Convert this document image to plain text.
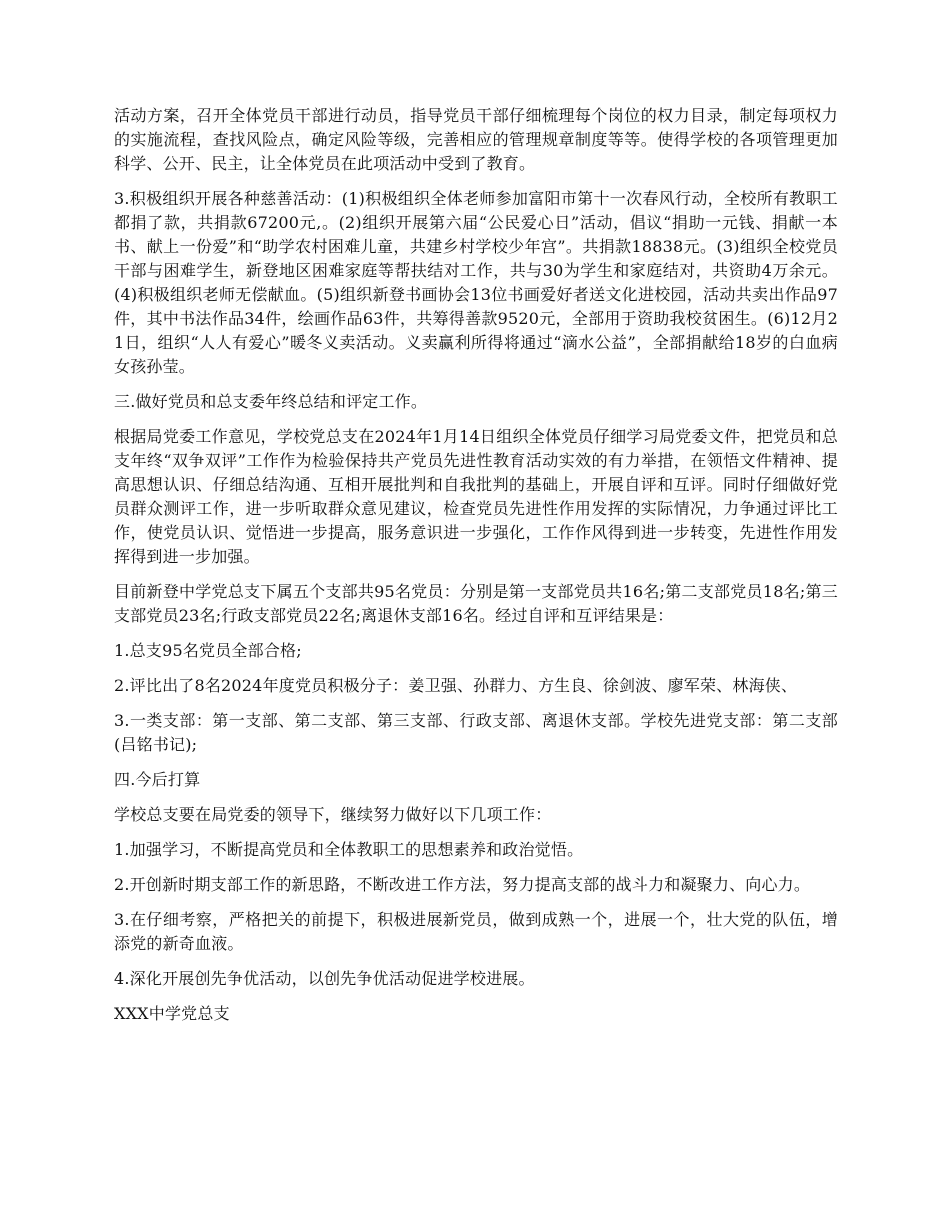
活动方案，召开全体党员干部进行动员，指导党员干部仔细梳理每个岗位的权力目录，制定每项权力的实施流程，查找风险点，确定风险等级，完善相应的管理规章制度等等。使得学校的各项管理更加科学、公开、民主，让全体党员在此项活动中受到了教育。

3.积极组织开展各种慈善活动：(1)积极组织全体老师参加富阳市第十一次春风行动，全校所有教职工都捐了款，共捐款67200元,。(2)组织开展第六届“公民爱心日”活动，倡议“捐助一元钱、捐献一本书、献上一份爱”和“助学农村困难儿童，共建乡村学校少年宫”。共捐款18838元。(3)组织全校党员干部与困难学生，新登地区困难家庭等帮扶结对工作，共与30为学生和家庭结对，共资助4万余元。(4)积极组织老师无偿献血。(5)组织新登书画协会13位书画爱好者送文化进校园，活动共卖出作品97件，其中书法作品34件，绘画作品63件，共筹得善款9520元，全部用于资助我校贫困生。(6)12月21日，组织“人人有爱心”暖冬义卖活动。义卖赢利所得将通过“滴水公益”，全部捐献给18岁的白血病女孩孙莹。

三.做好党员和总支委年终总结和评定工作。

根据局党委工作意见，学校党总支在2024年1月14日组织全体党员仔细学习局党委文件，把党员和总支年终“双争双评”工作作为检验保持共产党员先进性教育活动实效的有力举措，在领悟文件精神、提高思想认识、仔细总结沟通、互相开展批判和自我批判的基础上，开展自评和互评。同时仔细做好党员群众测评工作，进一步听取群众意见建议，检查党员先进性作用发挥的实际情况，力争通过评比工作，使党员认识、觉悟进一步提高，服务意识进一步强化，工作作风得到进一步转变，先进性作用发挥得到进一步加强。

目前新登中学党总支下属五个支部共95名党员：分别是第一支部党员共16名;第二支部党员18名;第三支部党员23名;行政支部党员22名;离退休支部16名。经过自评和互评结果是：

1.总支95名党员全部合格;

2.评比出了8名2024年度党员积极分子：姜卫强、孙群力、方生良、徐剑波、廖军荣、林海侠、

3.一类支部：第一支部、第二支部、第三支部、行政支部、离退休支部。学校先进党支部：第二支部(吕铭书记);

四.今后打算

学校总支要在局党委的领导下，继续努力做好以下几项工作：

1.加强学习，不断提高党员和全体教职工的思想素养和政治觉悟。

2.开创新时期支部工作的新思路，不断改进工作方法，努力提高支部的战斗力和凝聚力、向心力。

3.在仔细考察，严格把关的前提下，积极进展新党员，做到成熟一个，进展一个，壮大党的队伍，增添党的新奇血液。

4.深化开展创先争优活动，以创先争优活动促进学校进展。

XXX中学党总支
